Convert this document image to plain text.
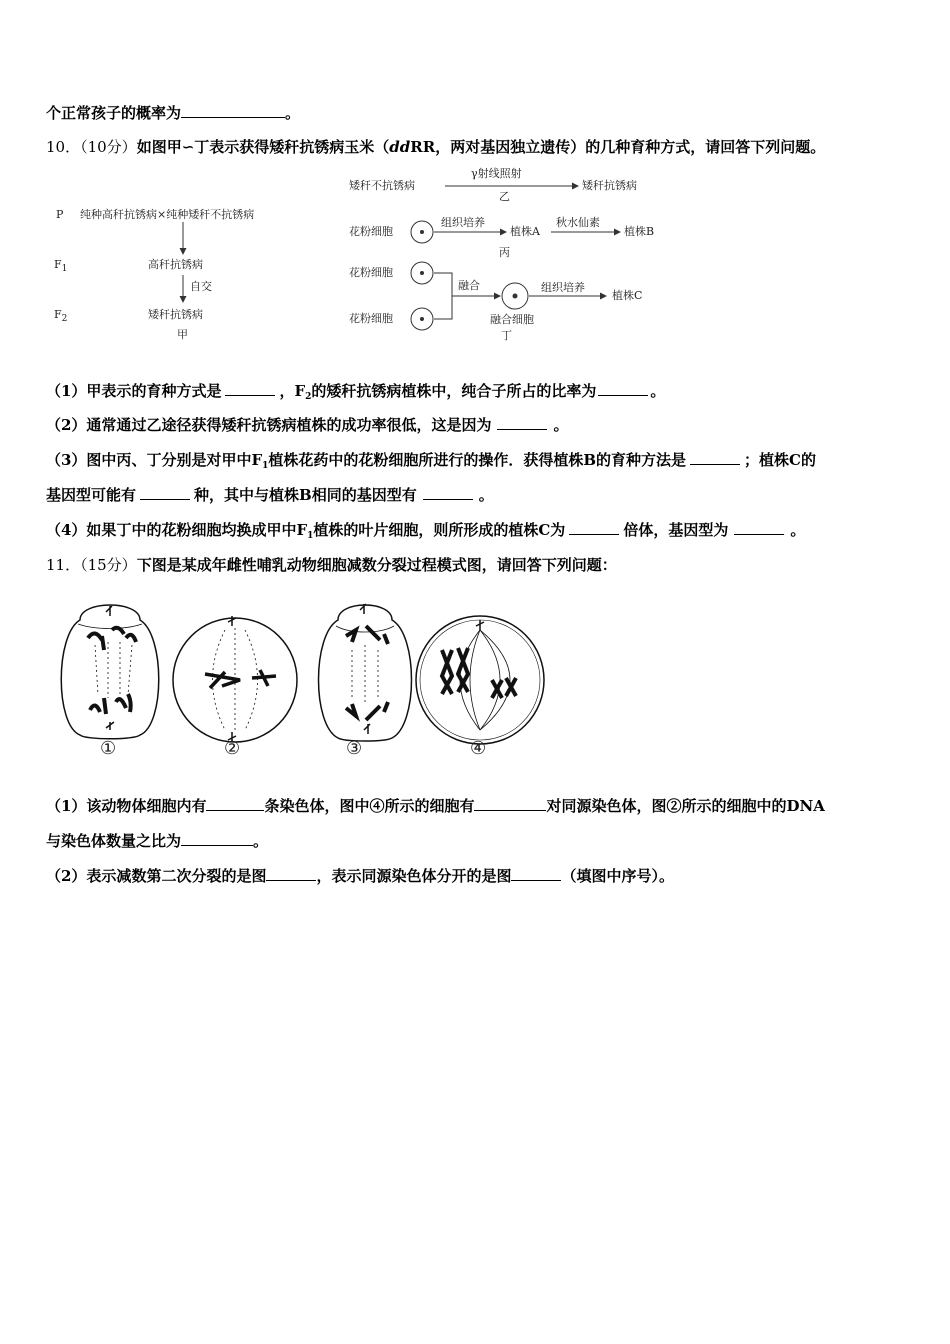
个正常孩子的概率为	。
10．（10分）如图甲∽丁表示获得矮秆抗锈病玉米（ddRR，两对基因独立遗传）的几种育种方式，请回答下列问题。
P 纯种高秆抗锈病×纯种矮秆不抗锈病
$F_1$	高秆抗锈病
自交
$F_2$	矮秆抗锈病
甲
矮秆不抗锈病
γ射线照射
矮秆抗锈病
乙
花粉细胞
组织培养
植株A
秋水仙素
植株B
丙
花粉细胞
花粉细胞
融合
融合细胞
组织培养
植株C
丁
（1）甲表示的育种方式是	，$F_2$的矮秆抗锈病植株中，纯合子所占的比率为	。
（2）通常通过乙途径获得矮秆抗锈病植株的成功率很低，这是因为	。
（3）图中丙、丁分别是对甲中$F_1$植株花药中的花粉细胞所进行的操作．获得植株B的育种方法是	；植株C的
基因型可能有	种，其中与植株B相同的基因型有	。
（4）如果丁中的花粉细胞均换成甲中$F_1$植株的叶片细胞，则所形成的植株C为	倍体，基因型为	。
11．（15分）下图是某成年雌性哺乳动物细胞减数分裂过程模式图，请回答下列问题：
①	②	③	④
（1）该动物体细胞内有	条染色体，图中④所示的细胞有	对同源染色体，图②所示的细胞中的DNA
与染色体数量之比为	。
（2）表示减数第二次分裂的是图	，表示同源染色体分开的是图	（填图中序号）。
